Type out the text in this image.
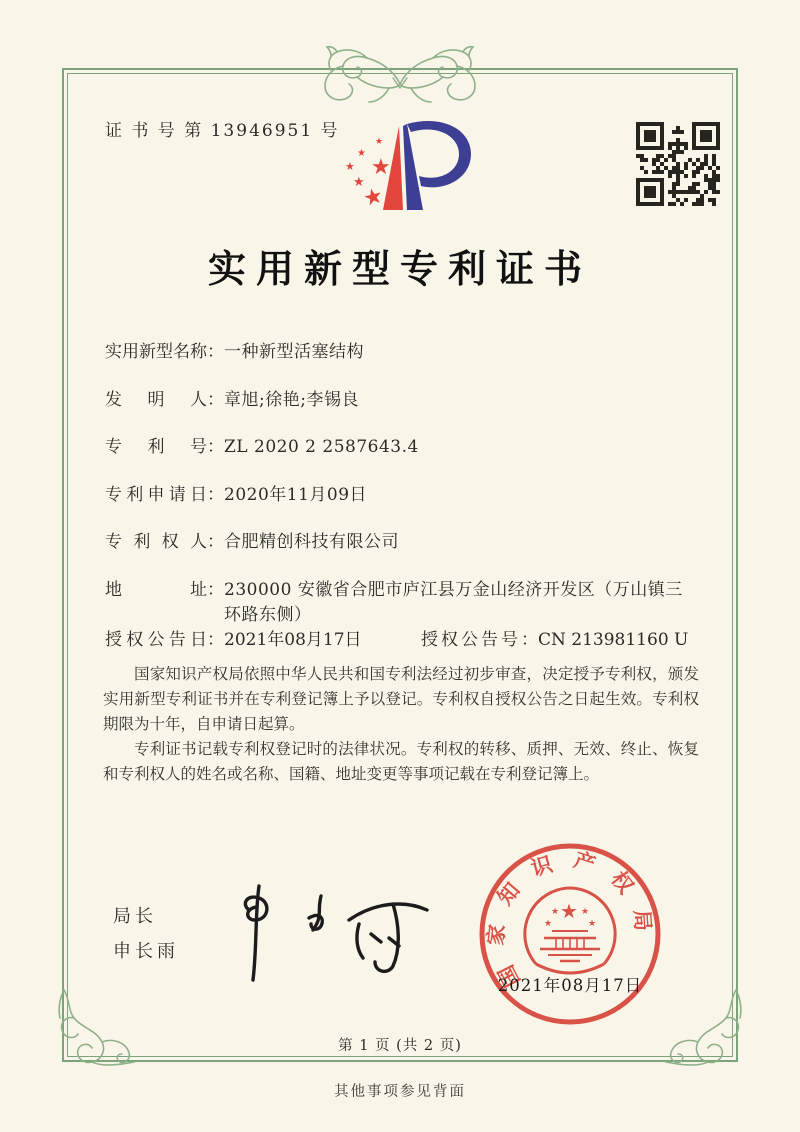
证 书 号 第 13946951 号
★
★
★
★
★
★
实用新型专利证书
实用新型名称 ： 一种新型活塞结构
发明人 ： 章旭;徐艳;李锡良
专利号 ： ZL 2020 2 2587643.4
专利申请日 ： 2020年11月09日
专利权人 ： 合肥精创科技有限公司
地址 ： 230000 安徽省合肥市庐江县万金山经济开发区（万山镇三环路东侧）
授权公告日 ： 2021年08月17日	授权公告号 ： CN 213981160 U

国家知识产权局依照中华人民共和国专利法经过初步审查，决定授予专利权，颁发实用新型专利证书并在专利登记簿上予以登记。专利权自授权公告之日起生效。专利权期限为十年，自申请日起算。

专利证书记载专利权登记时的法律状况。专利权的转移、质押、无效、终止、恢复和专利权人的姓名或名称、国籍、地址变更等事项记载在专利登记簿上。

局长
申长雨	国家知识产权局
★
★
★ ★
★
2021年08月17日
第 1 页 (共 2 页)
其他事项参见背面
